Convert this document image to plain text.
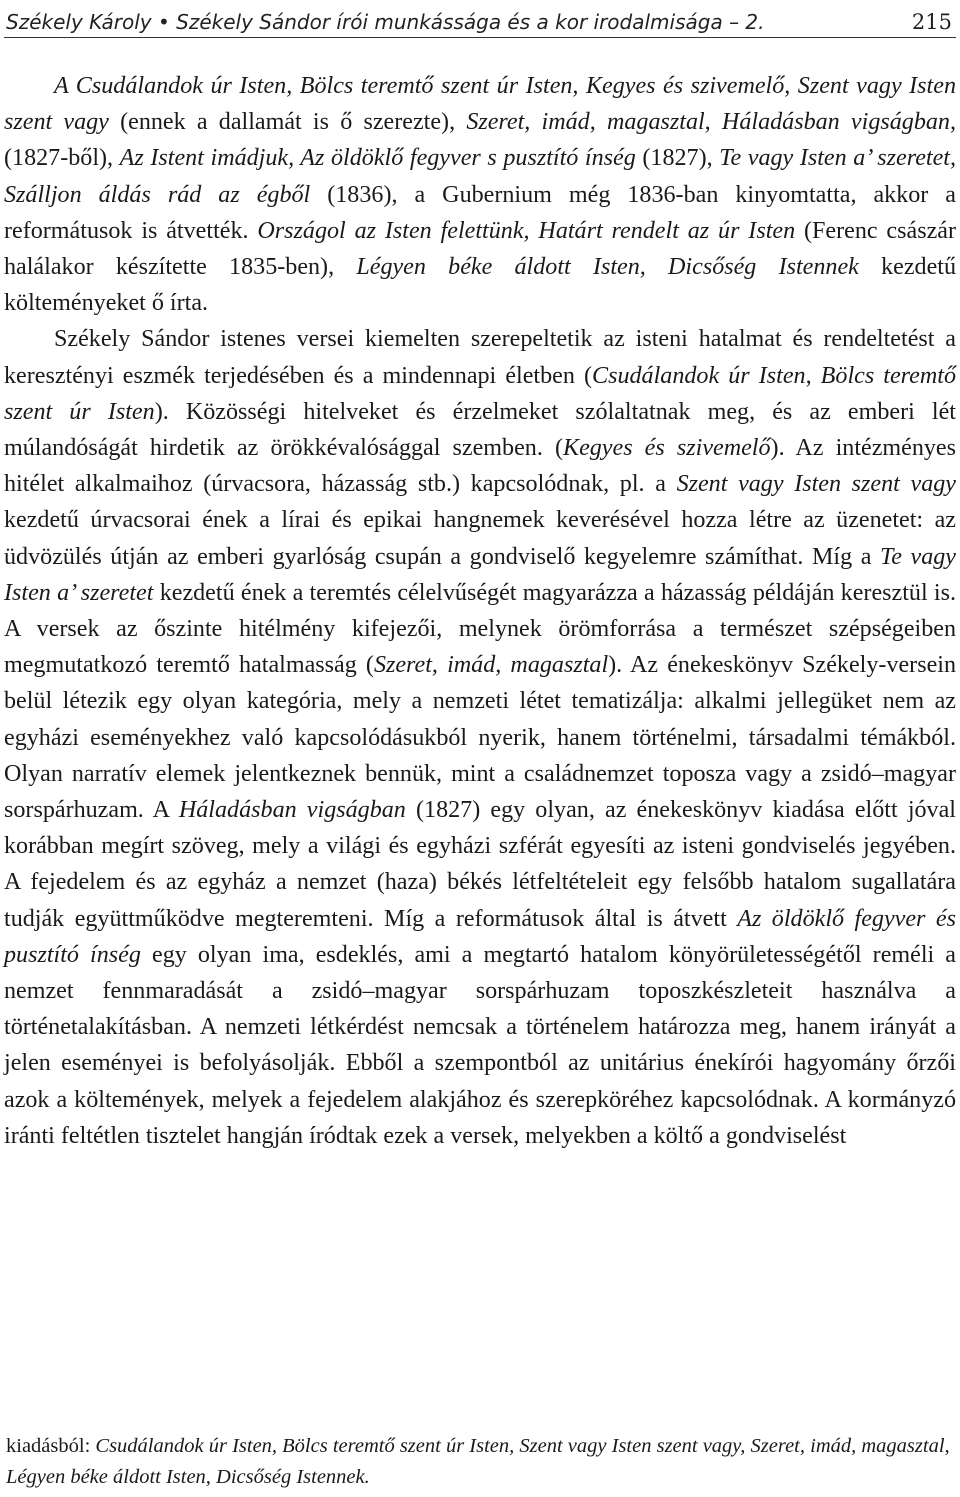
Székely Károly • Székely Sándor írói munkássága és a kor irodalmisága – 2.	215

A Csudálandok úr Isten, Bölcs teremtő szent úr Isten, Kegyes és szivemelő, Szent vagy Isten szent vagy (ennek a dallamát is ő szerezte), Szeret, imád, magasztal, Háladásban vigságban, (1827-ből), Az Istent imádjuk, Az öldöklő fegyver s pusztító ínség (1827), Te vagy Isten a’ szeretet, Szálljon áldás rád az égből (1836), a Gubernium még 1836-ban kinyomtatta, akkor a reformátusok is átvették. Országol az Isten felettünk, Határt rendelt az úr Isten (Ferenc császár halálakor készítette 1835-ben), Légyen béke áldott Isten, Dicsőség Istennek kezdetű költeményeket ő írta.

Székely Sándor istenes versei kiemelten szerepeltetik az isteni hatalmat és rendeltetést a keresztényi eszmék terjedésében és a mindennapi életben (Csudálandok úr Isten, Bölcs teremtő szent úr Isten). Közösségi hitelveket és érzelmeket szólaltatnak meg, és az emberi lét múlandóságát hirdetik az örökkévalósággal szemben. (Kegyes és szivemelő). Az intézményes hitélet alkalmaihoz (úrvacsora, házasság stb.) kapcsolódnak, pl. a Szent vagy Isten szent vagy kezdetű úrvacsorai ének a lírai és epikai hangnemek keverésével hozza létre az üzenetet: az üdvözülés útján az emberi gyarlóság csupán a gondviselő kegyelemre számíthat. Míg a Te vagy Isten a’ szeretet kezdetű ének a teremtés célelvűségét magyarázza a házasság példáján keresztül is. A versek az őszinte hitélmény kifejezői, melynek örömforrása a természet szépségeiben megmutatkozó teremtő hatalmasság (Szeret, imád, magasztal). Az énekeskönyv Székely-versein belül létezik egy olyan kategória, mely a nemzeti létet tematizálja: alkalmi jellegüket nem az egyházi eseményekhez való kapcsolódásukból nyerik, hanem történelmi, társadalmi témákból. Olyan narratív elemek jelentkeznek bennük, mint a családnemzet toposza vagy a zsidó–magyar sorspárhuzam. A Háladásban vigságban (1827) egy olyan, az énekeskönyv kiadása előtt jóval korábban megírt szöveg, mely a világi és egyházi szférát egyesíti az isteni gondviselés jegyében. A fejedelem és az egyház a nemzet (haza) békés létfeltételeit egy felsőbb hatalom sugallatára tudják együttműködve megteremteni. Míg a reformátusok által is átvett Az öldöklő fegyver és pusztító ínség egy olyan ima, esdeklés, ami a megtartó hatalom könyörületességétől reméli a nemzet fennmaradását a zsidó–magyar sorspárhuzam toposzkészleteit használva a történetalakításban. A nemzeti létkérdést nemcsak a történelem határozza meg, hanem irányát a jelen eseményei is befolyásolják. Ebből a szempontból az unitárius énekírói hagyomány őrzői azok a költemények, melyek a fejedelem alakjához és szerepköréhez kapcsolódnak. A kormányzó iránti feltétlen tisztelet hangján íródtak ezek a versek, melyekben a költő a gondviselést

kiadásból: Csudálandok úr Isten, Bölcs teremtő szent úr Isten, Szent vagy Isten szent vagy, Szeret, imád, magasztal, Légyen béke áldott Isten, Dicsőség Istennek.
